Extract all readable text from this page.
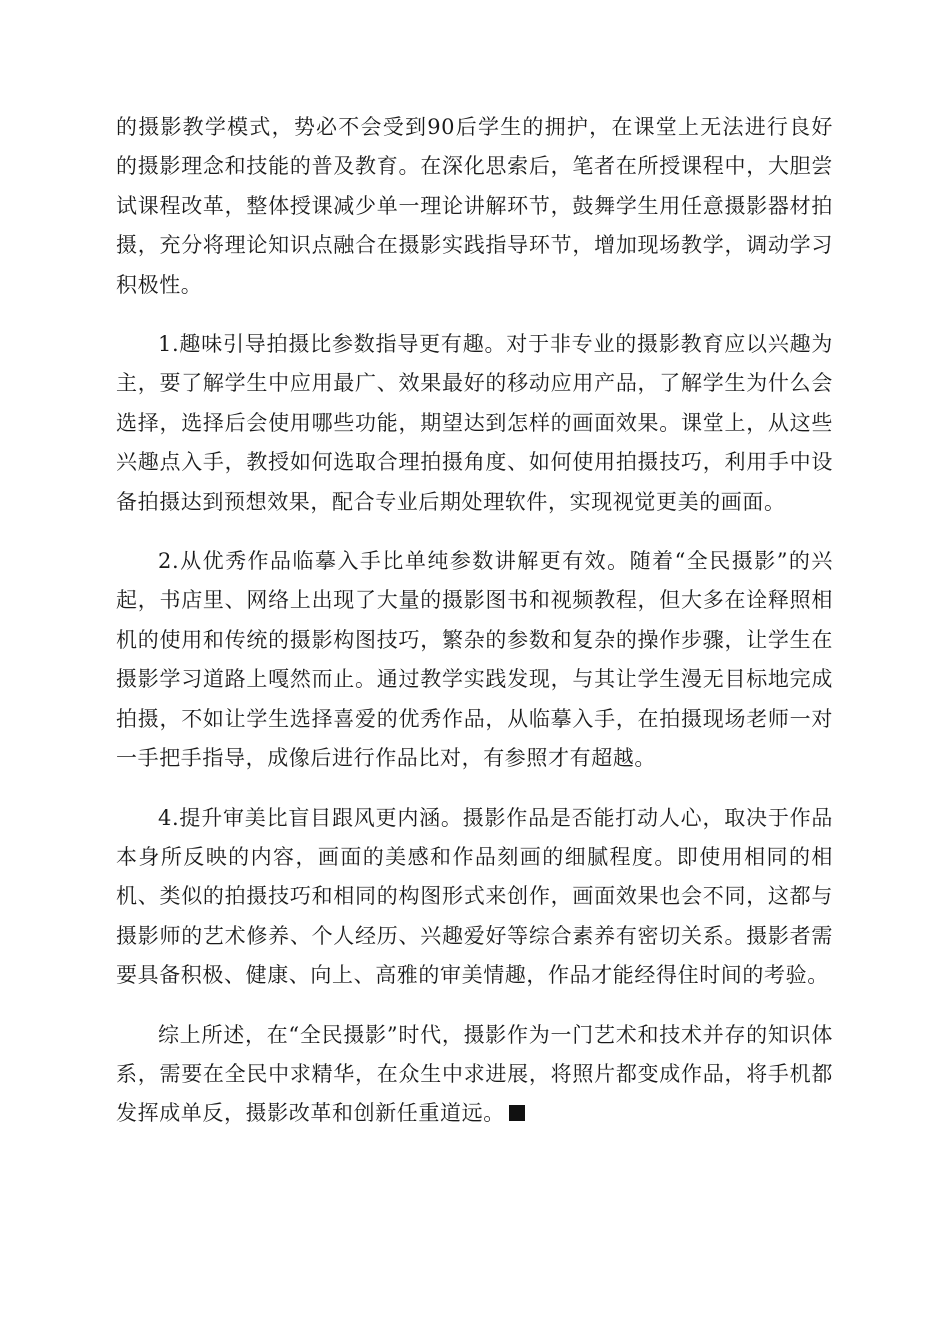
的摄影教学模式，势必不会受到90后学生的拥护，在课堂上无法进行良好的摄影理念和技能的普及教育。在深化思索后，笔者在所授课程中，大胆尝试课程改革，整体授课减少单一理论讲解环节，鼓舞学生用任意摄影器材拍摄，充分将理论知识点融合在摄影实践指导环节，增加现场教学，调动学习积极性。

1.趣味引导拍摄比参数指导更有趣。对于非专业的摄影教育应以兴趣为主，要了解学生中应用最广、效果最好的移动应用产品，了解学生为什么会选择，选择后会使用哪些功能，期望达到怎样的画面效果。课堂上，从这些兴趣点入手，教授如何选取合理拍摄角度、如何使用拍摄技巧，利用手中设备拍摄达到预想效果，配合专业后期处理软件，实现视觉更美的画面。

2.从优秀作品临摹入手比单纯参数讲解更有效。随着“全民摄影”的兴起，书店里、网络上出现了大量的摄影图书和视频教程，但大多在诠释照相机的使用和传统的摄影构图技巧，繁杂的参数和复杂的操作步骤，让学生在摄影学习道路上嘎然而止。通过教学实践发现，与其让学生漫无目标地完成拍摄，不如让学生选择喜爱的优秀作品，从临摹入手，在拍摄现场老师一对一手把手指导，成像后进行作品比对，有参照才有超越。

4.提升审美比盲目跟风更内涵。摄影作品是否能打动人心，取决于作品本身所反映的内容，画面的美感和作品刻画的细腻程度。即使用相同的相机、类似的拍摄技巧和相同的构图形式来创作，画面效果也会不同，这都与摄影师的艺术修养、个人经历、兴趣爱好等综合素养有密切关系。摄影者需要具备积极、健康、向上、高雅的审美情趣，作品才能经得住时间的考验。

综上所述，在“全民摄影”时代，摄影作为一门艺术和技术并存的知识体系，需要在全民中求精华，在众生中求进展，将照片都变成作品，将手机都发挥成单反，摄影改革和创新任重道远。
